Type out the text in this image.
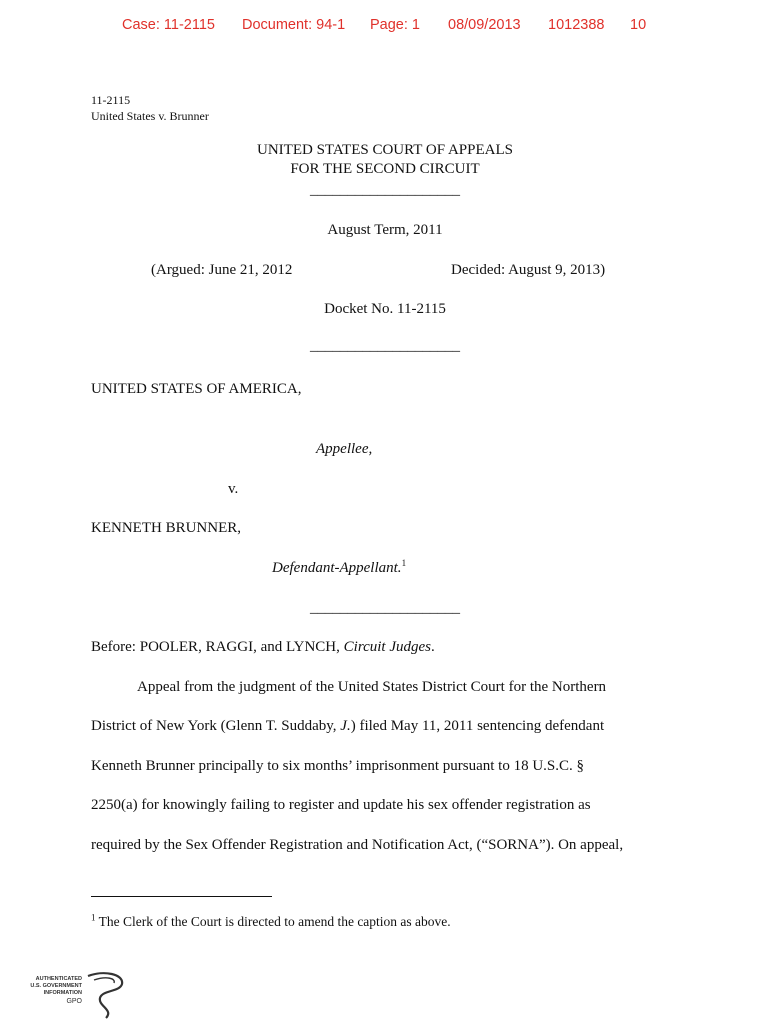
Case: 11-2115 Document: 94-1 Page: 1 08/09/2013 1012388 10
11-2115
United States v. Brunner
UNITED STATES COURT OF APPEALS
FOR THE SECOND CIRCUIT
____________________
August Term, 2011
(Argued: June 21, 2012	Decided: August 9, 2013)
Docket No. 11-2115
____________________
UNITED STATES OF AMERICA,
Appellee,
v.
KENNETH BRUNNER,
Defendant-Appellant.$^1$
____________________
Before: POOLER, RAGGI, and LYNCH, Circuit Judges.
Appeal from the judgment of the United States District Court for the Northern
District of New York (Glenn T. Suddaby, J.) filed May 11, 2011 sentencing defendant
Kenneth Brunner principally to six months’ imprisonment pursuant to 18 U.S.C. §
2250(a) for knowingly failing to register and update his sex offender registration as
required by the Sex Offender Registration and Notification Act, (“SORNA”). On appeal,
$^1$ The Clerk of the Court is directed to amend the caption as above.
AUTHENTICATED
U.S. GOVERNMENT
INFORMATION
GPO
